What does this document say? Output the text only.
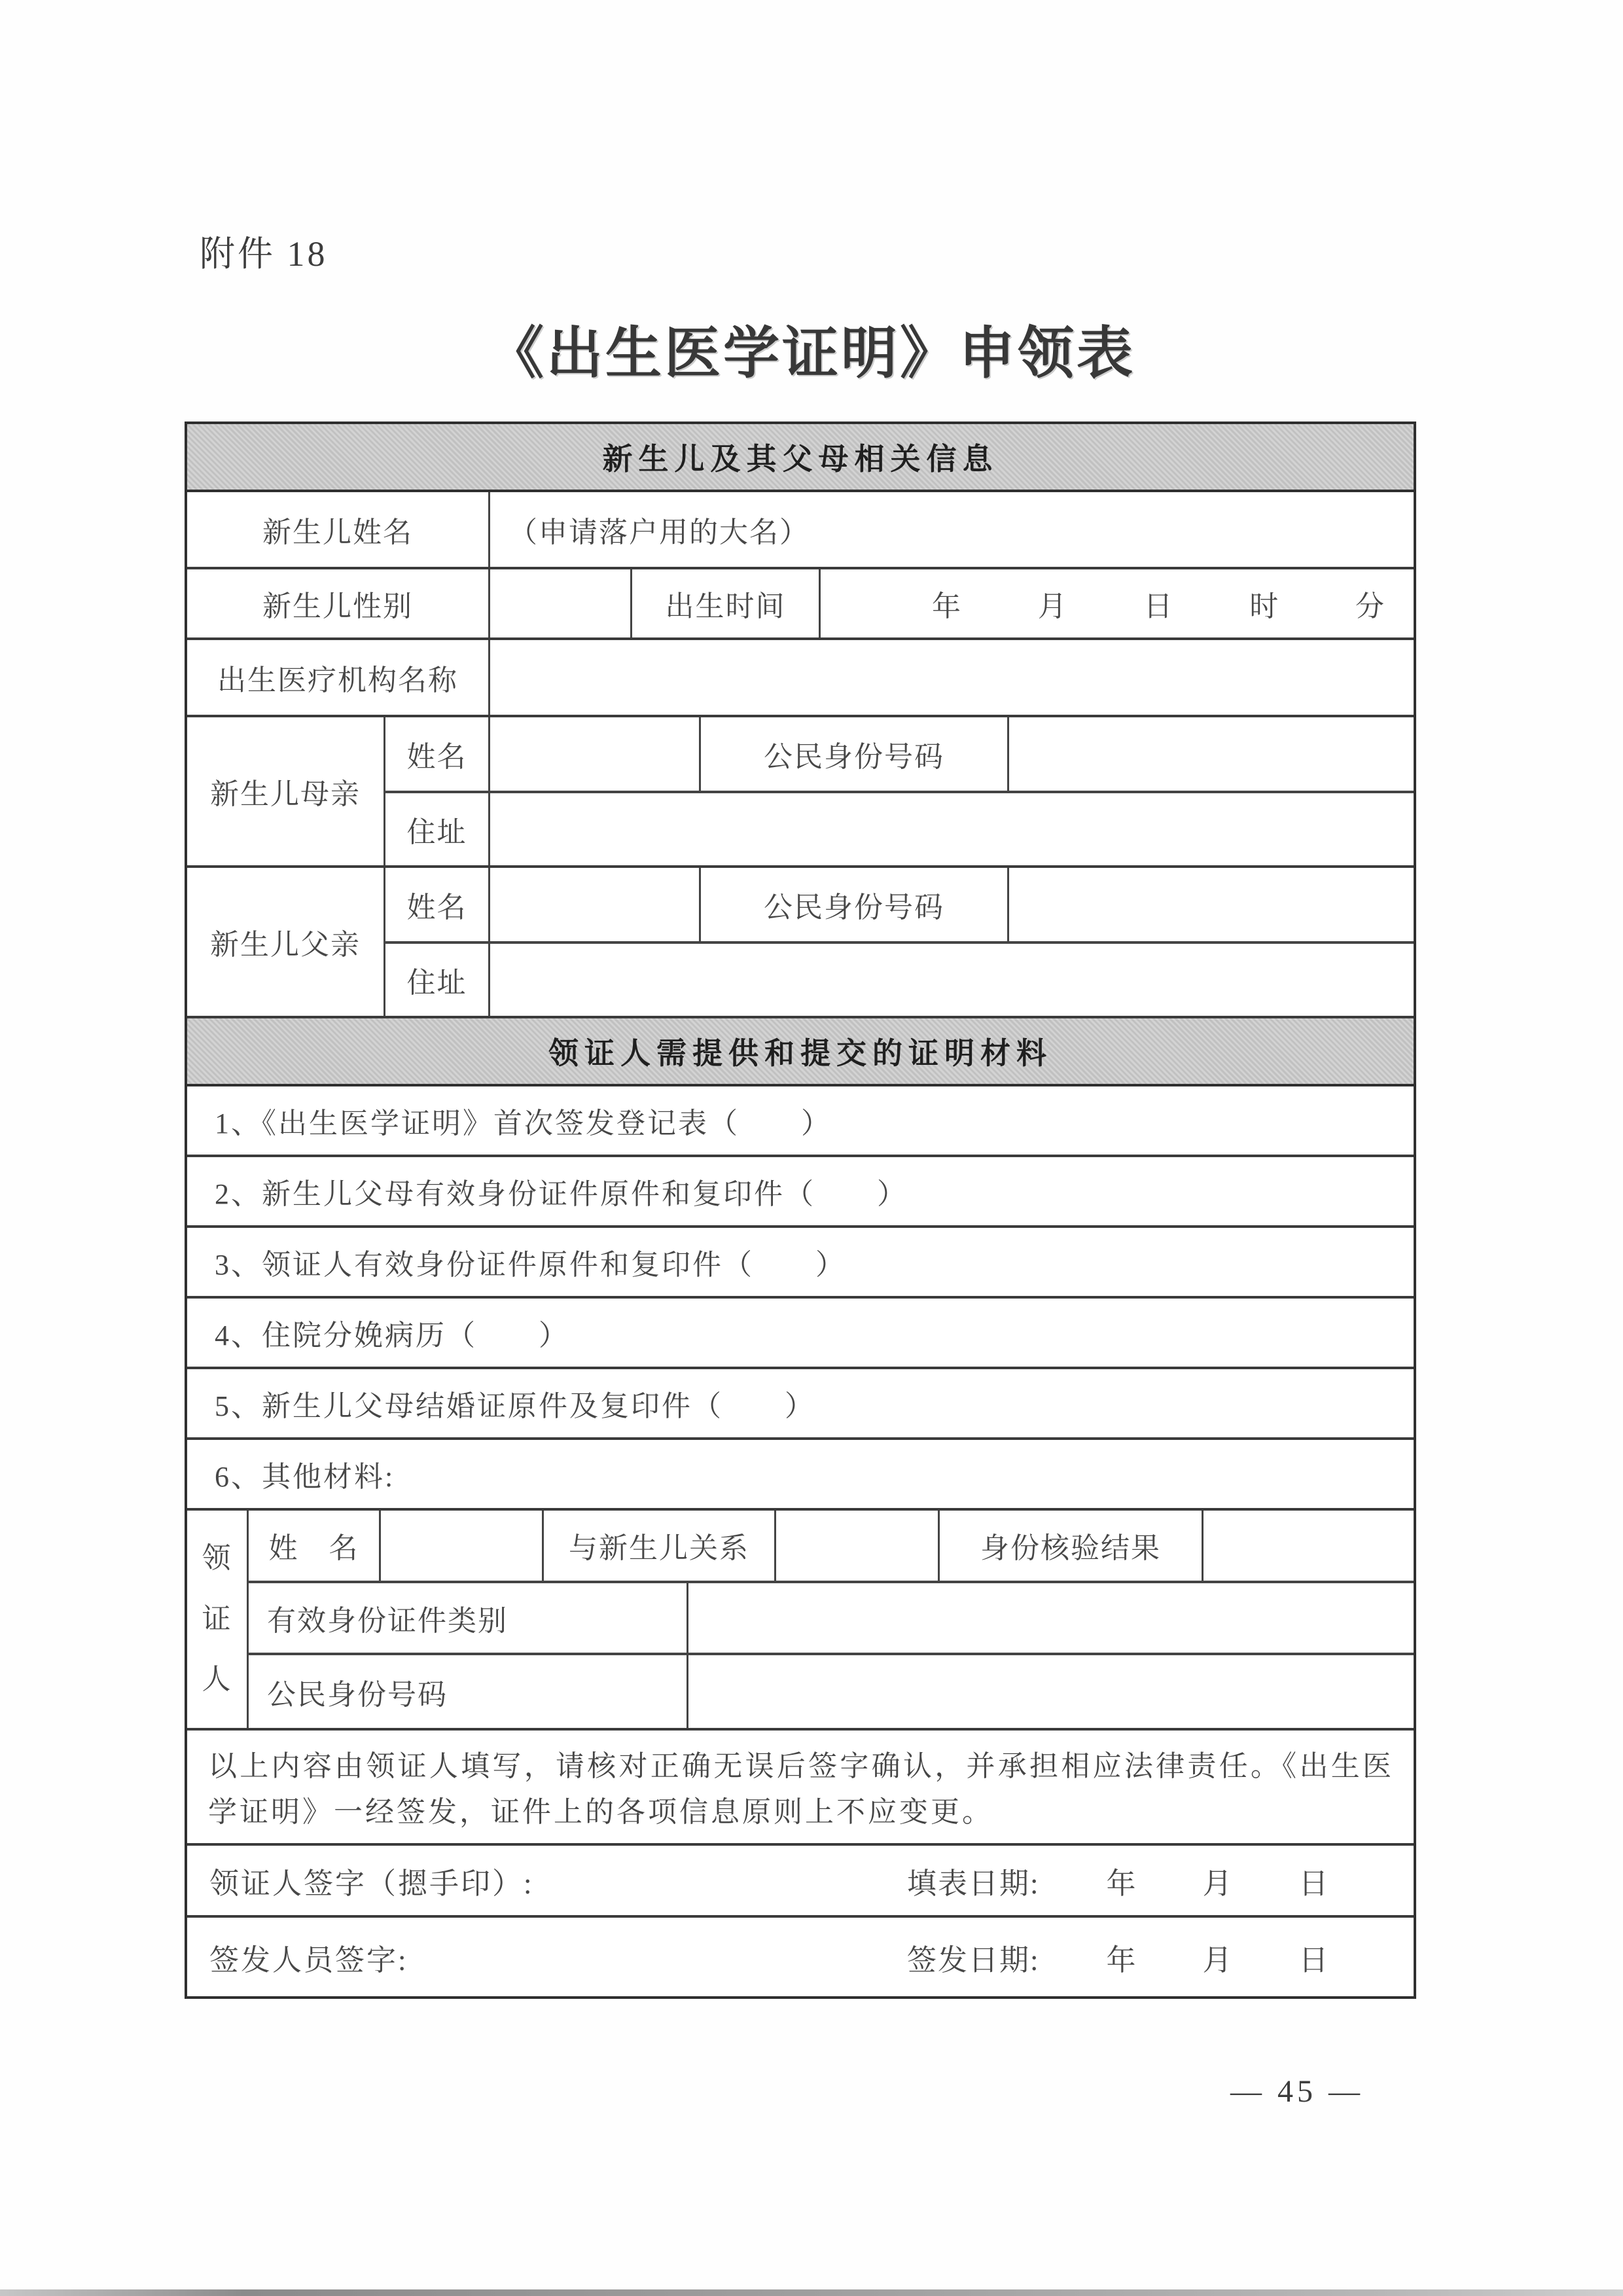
附件 18
《出生医学证明》申领表
新生儿及其父母相关信息
新生儿姓名	（申请落户用的大名）
新生儿性别	出生时间	年	月	日	时	分
出生医疗机构名称
新生儿母亲
姓名	公民身份号码
住址
新生儿父亲
姓名	公民身份号码
住址
领证人需提供和提交的证明材料
1、《出生医学证明》首次签发登记表（　　）
2、新生儿父母有效身份证件原件和复印件（　　）
3、领证人有效身份证件原件和复印件（　　）
4、住院分娩病历（　　）
5、新生儿父母结婚证原件及复印件（　　）
6、其他材料:
领证人
姓　名	与新生儿关系	身份核验结果
有效身份证件类别
公民身份号码
以上内容由领证人填写，请核对正确无误后签字确认，并承担相应法律责任。《出生医学证明》一经签发，证件上的各项信息原则上不应变更。
领证人签字（摁手印）:	填表日期: 年 月 日
签发人员签字:	签发日期: 年 月 日
— 45 —
